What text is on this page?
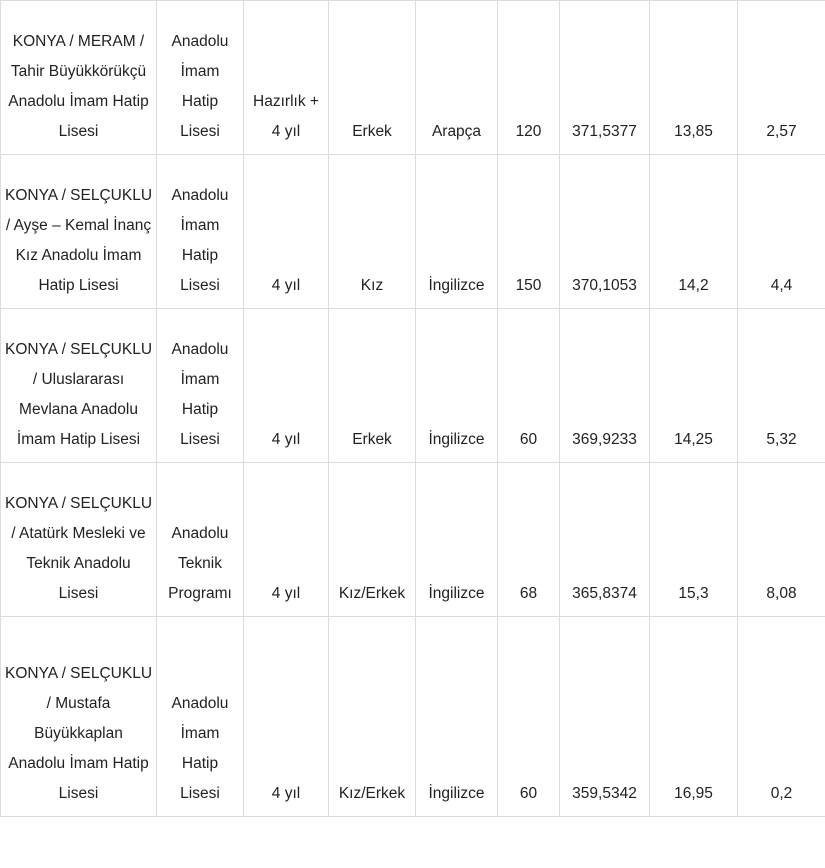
KONYA / MERAM / Tahir Büyükkörükçü Anadolu İmam Hatip Lisesi	Anadolu İmam Hatip Lisesi	Hazırlık + 4 yıl	Erkek	Arapça	120	371,5377	13,85	2,57
KONYA / SELÇUKLU / Ayşe – Kemal İnanç Kız Anadolu İmam Hatip Lisesi	Anadolu İmam Hatip Lisesi	4 yıl	Kız	İngilizce	150	370,1053	14,2	4,4
KONYA / SELÇUKLU / Uluslararası Mevlana Anadolu İmam Hatip Lisesi	Anadolu İmam Hatip Lisesi	4 yıl	Erkek	İngilizce	60	369,9233	14,25	5,32
KONYA / SELÇUKLU / Atatürk Mesleki ve Teknik Anadolu Lisesi	Anadolu Teknik Programı	4 yıl	Kız/Erkek	İngilizce	68	365,8374	15,3	8,08
KONYA / SELÇUKLU / Mustafa Büyükkaplan Anadolu İmam Hatip Lisesi	Anadolu İmam Hatip Lisesi	4 yıl	Kız/Erkek	İngilizce	60	359,5342	16,95	0,2
